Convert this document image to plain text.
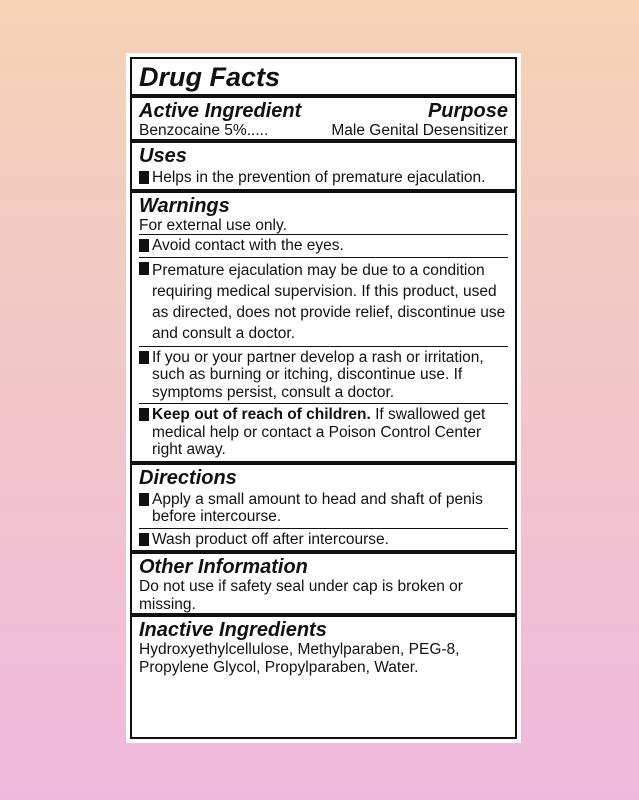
Drug Facts
Active Ingredient	Purpose
Benzocaine 5%.....	Male Genital Desensitizer
Uses
Helps in the prevention of premature ejaculation.
Warnings
For external use only.
Avoid contact with the eyes.
Premature ejaculation may be due to a condition requiring medical supervision. If this product, used as directed, does not provide relief, discontinue use and consult a doctor.
If you or your partner develop a rash or irritation, such as burning or itching, discontinue use. If symptoms persist, consult a doctor.
Keep out of reach of children. If swallowed get medical help or contact a Poison Control Center right away.
Directions
Apply a small amount to head and shaft of penis before intercourse.
Wash product off after intercourse.
Other Information
Do not use if safety seal under cap is broken or missing.
Inactive Ingredients
Hydroxyethylcellulose, Methylparaben, PEG-8, Propylene Glycol, Propylparaben, Water.
